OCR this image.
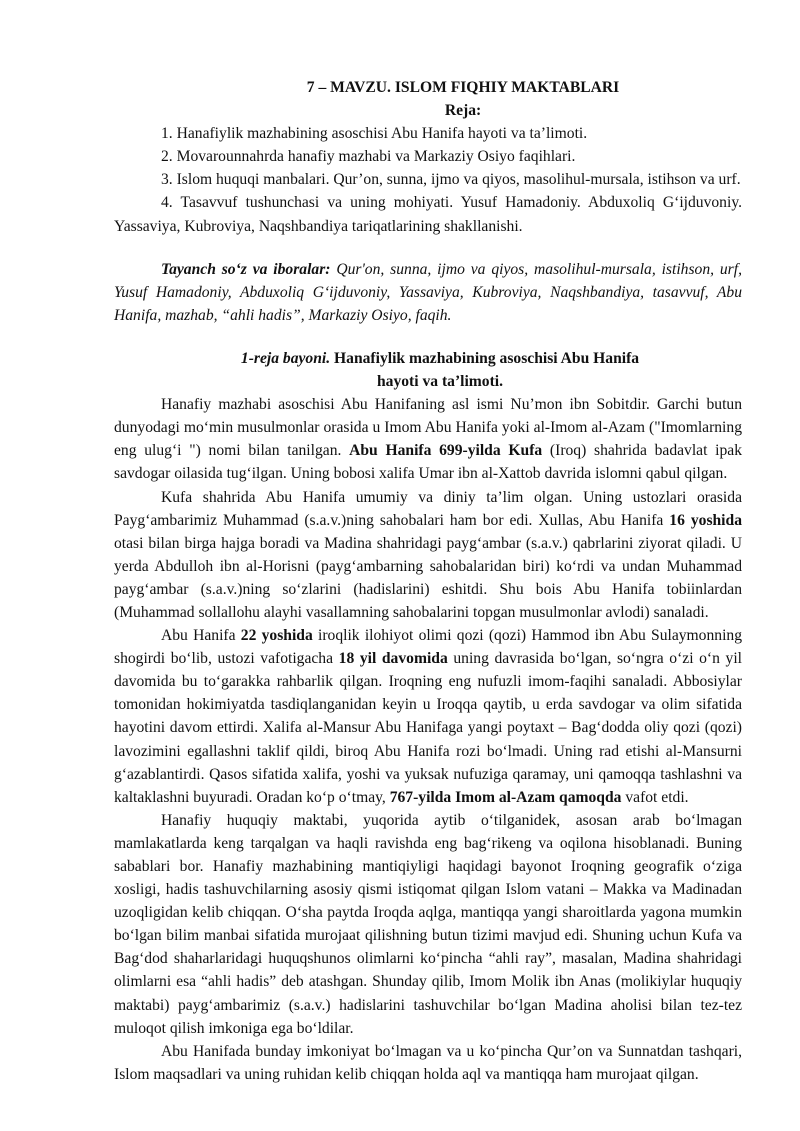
7 – MAVZU. ISLOM FIQHIY MAKTABLARI

Reja:

1. Hanafiylik mazhabining asoschisi Abu Hanifa hayoti va ta’limoti.

2. Movarounnahrda hanafiy mazhabi va Markaziy Osiyo faqihlari.

3. Islom huquqi manbalari. Qur’on, sunna, ijmo va qiyos, masolihul-mursala, istihson va urf.

4. Tasavvuf tushunchasi va uning mohiyati. Yusuf Hamadoniy. Abduxoliq G‘ijduvoniy. Yassaviya, Kubroviya, Naqshbandiya tariqatlarining shakllanishi.

Tayanch so‘z va iboralar: Qur'on, sunna, ijmo va qiyos, masolihul-mursala, istihson, urf, Yusuf Hamadoniy, Abduxoliq G‘ijduvoniy, Yassaviya, Kubroviya, Naqshbandiya, tasavvuf, Abu Hanifa, mazhab, “ahli hadis”, Markaziy Osiyo, faqih.

1-reja bayoni. Hanafiylik mazhabining asoschisi Abu Hanifa

hayoti va ta’limoti.

Hanafiy mazhabi asoschisi Abu Hanifaning asl ismi Nu’mon ibn Sobitdir. Garchi butun dunyodagi mo‘min musulmonlar orasida u Imom Abu Hanifa yoki al-Imom al-Azam ("Imomlarning eng ulug‘i ") nomi bilan tanilgan. Abu Hanifa 699-yilda Kufa (Iroq) shahrida badavlat ipak savdogar oilasida tug‘ilgan. Uning bobosi xalifa Umar ibn al-Xattob davrida islomni qabul qilgan.

Kufa shahrida Abu Hanifa umumiy va diniy ta’lim olgan. Uning ustozlari orasida Payg‘ambarimiz Muhammad (s.a.v.)ning sahobalari ham bor edi. Xullas, Abu Hanifa 16 yoshida otasi bilan birga hajga boradi va Madina shahridagi payg‘ambar (s.a.v.) qabrlarini ziyorat qiladi. U yerda Abdulloh ibn al-Horisni (payg‘ambarning sahobalaridan biri) ko‘rdi va undan Muhammad payg‘ambar (s.a.v.)ning so‘zlarini (hadislarini) eshitdi. Shu bois Abu Hanifa tobiinlardan (Muhammad sollallohu alayhi vasallamning sahobalarini topgan musulmonlar avlodi) sanaladi.

Abu Hanifa 22 yoshida iroqlik ilohiyot olimi qozi (qozi) Hammod ibn Abu Sulaymonning shogirdi bo‘lib, ustozi vafotigacha 18 yil davomida uning davrasida bo‘lgan, so‘ngra o‘zi o‘n yil davomida bu to‘garakka rahbarlik qilgan. Iroqning eng nufuzli imom-faqihi sanaladi. Abbosiylar tomonidan hokimiyatda tasdiqlanganidan keyin u Iroqqa qaytib, u erda savdogar va olim sifatida hayotini davom ettirdi. Xalifa al-Mansur Abu Hanifaga yangi poytaxt – Bag‘dodda oliy qozi (qozi) lavozimini egallashni taklif qildi, biroq Abu Hanifa rozi bo‘lmadi. Uning rad etishi al-Mansurni g‘azablantirdi. Qasos sifatida xalifa, yoshi va yuksak nufuziga qaramay, uni qamoqqa tashlashni va kaltaklashni buyuradi. Oradan ko‘p o‘tmay, 767-yilda Imom al-Azam qamoqda vafot etdi.

Hanafiy huquqiy maktabi, yuqorida aytib o‘tilganidek, asosan arab bo‘lmagan mamlakatlarda keng tarqalgan va haqli ravishda eng bag‘rikeng va oqilona hisoblanadi. Buning sabablari bor. Hanafiy mazhabining mantiqiyligi haqidagi bayonot Iroqning geografik o‘ziga xosligi, hadis tashuvchilarning asosiy qismi istiqomat qilgan Islom vatani – Makka va Madinadan uzoqligidan kelib chiqqan. O‘sha paytda Iroqda aqlga, mantiqqa yangi sharoitlarda yagona mumkin bo‘lgan bilim manbai sifatida murojaat qilishning butun tizimi mavjud edi. Shuning uchun Kufa va Bag‘dod shaharlaridagi huquqshunos olimlarni ko‘pincha “ahli ray”, masalan, Madina shahridagi olimlarni esa “ahli hadis” deb atashgan. Shunday qilib, Imom Molik ibn Anas (molikiylar huquqiy maktabi) payg‘ambarimiz (s.a.v.) hadislarini tashuvchilar bo‘lgan Madina aholisi bilan tez-tez muloqot qilish imkoniga ega bo‘ldilar.

Abu Hanifada bunday imkoniyat bo‘lmagan va u ko‘pincha Qur’on va Sunnatdan tashqari, Islom maqsadlari va uning ruhidan kelib chiqqan holda aql va mantiqqa ham murojaat qilgan.
